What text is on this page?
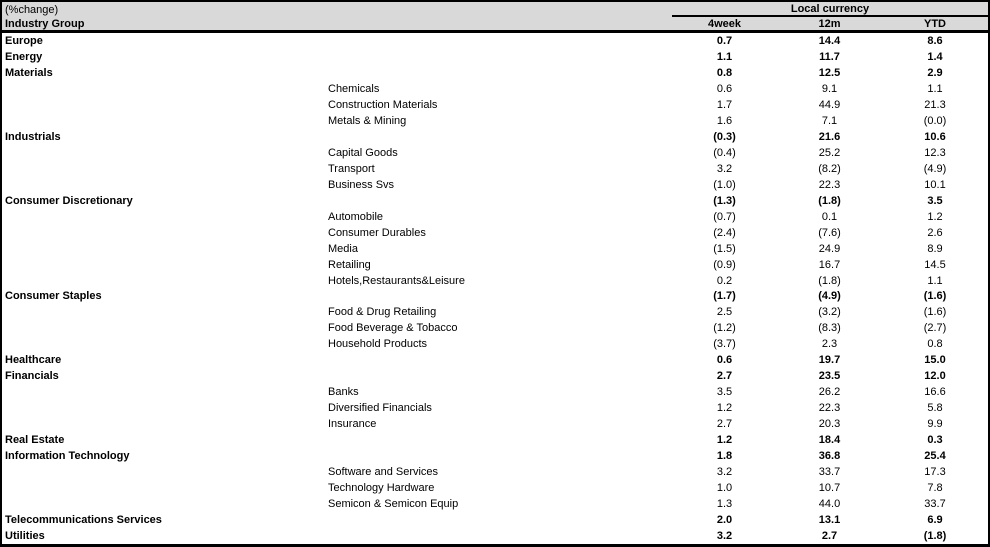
(%change)
Industry Group
Local currency
4week	12m	YTD
Europe	0.7	14.4	8.6
Energy	1.1	11.7	1.4
Materials	0.8	12.5	2.9
Chemicals	0.6	9.1	1.1
Construction Materials	1.7	44.9	21.3
Metals & Mining	1.6	7.1	(0.0)
Industrials	(0.3)	21.6	10.6
Capital Goods	(0.4)	25.2	12.3
Transport	3.2	(8.2)	(4.9)
Business Svs	(1.0)	22.3	10.1
Consumer Discretionary	(1.3)	(1.8)	3.5
Automobile	(0.7)	0.1	1.2
Consumer Durables	(2.4)	(7.6)	2.6
Media	(1.5)	24.9	8.9
Retailing	(0.9)	16.7	14.5
Hotels,Restaurants&Leisure	0.2	(1.8)	1.1
Consumer Staples	(1.7)	(4.9)	(1.6)
Food & Drug Retailing	2.5	(3.2)	(1.6)
Food Beverage & Tobacco	(1.2)	(8.3)	(2.7)
Household Products	(3.7)	2.3	0.8
Healthcare	0.6	19.7	15.0
Financials	2.7	23.5	12.0
Banks	3.5	26.2	16.6
Diversified Financials	1.2	22.3	5.8
Insurance	2.7	20.3	9.9
Real Estate	1.2	18.4	0.3
Information Technology	1.8	36.8	25.4
Software and Services	3.2	33.7	17.3
Technology Hardware	1.0	10.7	7.8
Semicon & Semicon Equip	1.3	44.0	33.7
Telecommunications Services	2.0	13.1	6.9
Utilities	3.2	2.7	(1.8)
